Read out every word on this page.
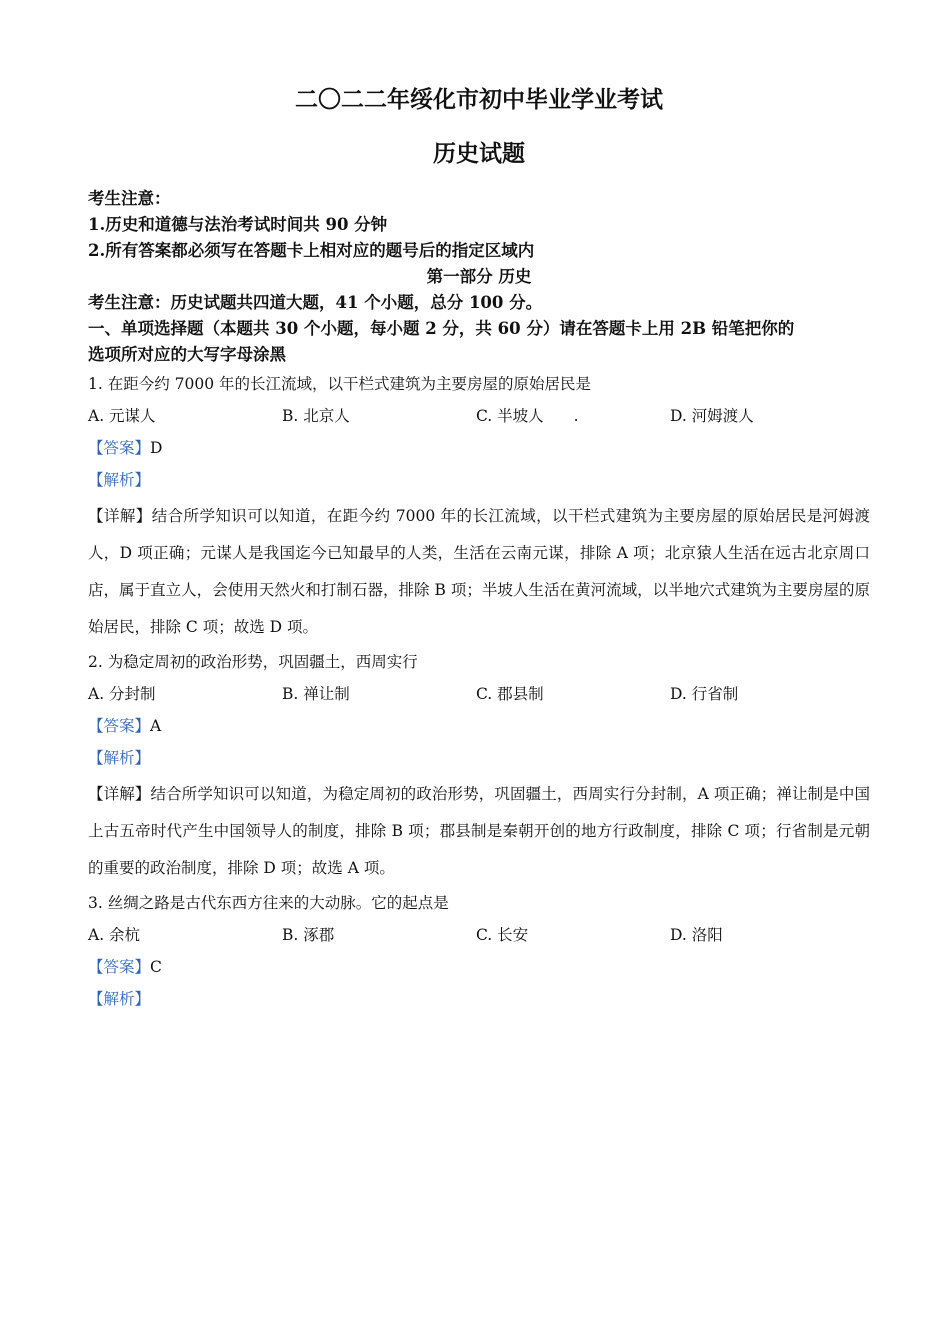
二〇二二年绥化市初中毕业学业考试

历史试题

考生注意：

1.历史和道德与法治考试时间共 90 分钟

2.所有答案都必须写在答题卡上相对应的题号后的指定区域内

第一部分 历史

考生注意：历史试题共四道大题，41 个小题，总分 100 分。

一、单项选择题（本题共 30 个小题，每小题 2 分，共 60 分）请在答题卡上用 2B 铅笔把你的

选项所对应的大写字母涂黑

1. 在距今约 7000 年的长江流域，以干栏式建筑为主要房屋的原始居民是

A. 元谋人	B. 北京人	C. 半坡人 .	D. 河姆渡人

【答案】D

【解析】

【详解】结合所学知识可以知道，在距今约 7000 年的长江流域，以干栏式建筑为主要房屋的原始居民是河姆渡人，D 项正确；元谋人是我国迄今已知最早的人类，生活在云南元谋，排除 A 项；北京猿人生活在远古北京周口店，属于直立人，会使用天然火和打制石器，排除 B 项；半坡人生活在黄河流域，以半地穴式建筑为主要房屋的原始居民，排除 C 项；故选 D 项。

2. 为稳定周初的政治形势，巩固疆土，西周实行

A. 分封制	B. 禅让制	C. 郡县制	D. 行省制

【答案】A

【解析】

【详解】结合所学知识可以知道，为稳定周初的政治形势，巩固疆土，西周实行分封制，A 项正确；禅让制是中国上古五帝时代产生中国领导人的制度，排除 B 项；郡县制是秦朝开创的地方行政制度，排除 C 项；行省制是元朝的重要的政治制度，排除 D 项；故选 A 项。

3. 丝绸之路是古代东西方往来的大动脉。它的起点是

A. 余杭	B. 涿郡	C. 长安	D. 洛阳

【答案】C

【解析】
